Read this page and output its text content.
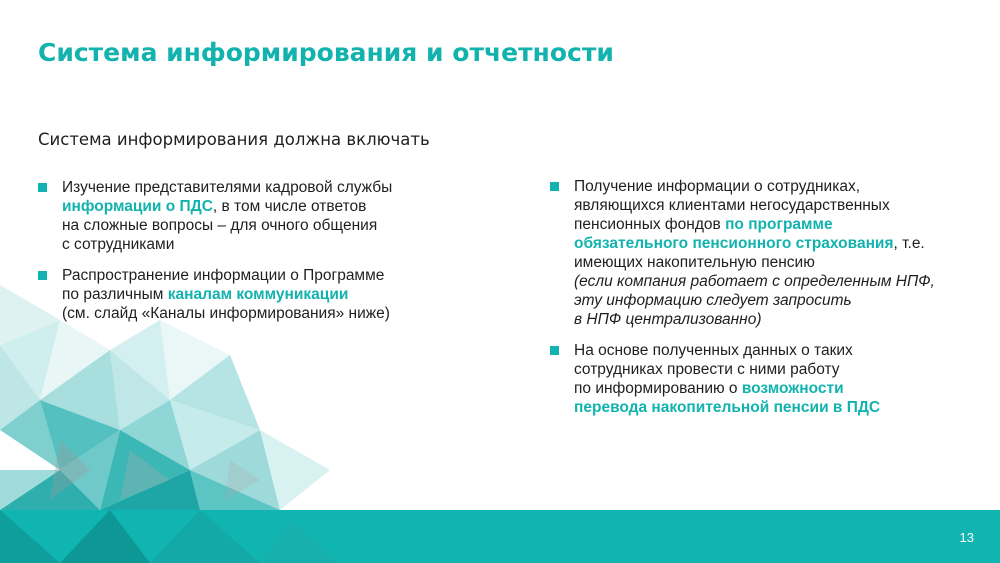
Система информирования и отчетности
Система информирования должна включать
Изучение представителями кадровой службы
информации о ПДС, в том числе ответов
на сложные вопросы – для очного общения
с сотрудниками
Распространение информации о Программе
по различным каналам коммуникации
(см. слайд «Каналы информирования» ниже)
Получение информации о сотрудниках,
являющихся клиентами негосударственных
пенсионных фондов по программе
обязательного пенсионного страхования, т.е.
имеющих накопительную пенсию
(если компания работает с определенным НПФ,
эту информацию следует запросить
в НПФ централизованно)
На основе полученных данных о таких
сотрудниках провести с ними работу
по информированию о возможности
перевода накопительной пенсии в ПДС
13
